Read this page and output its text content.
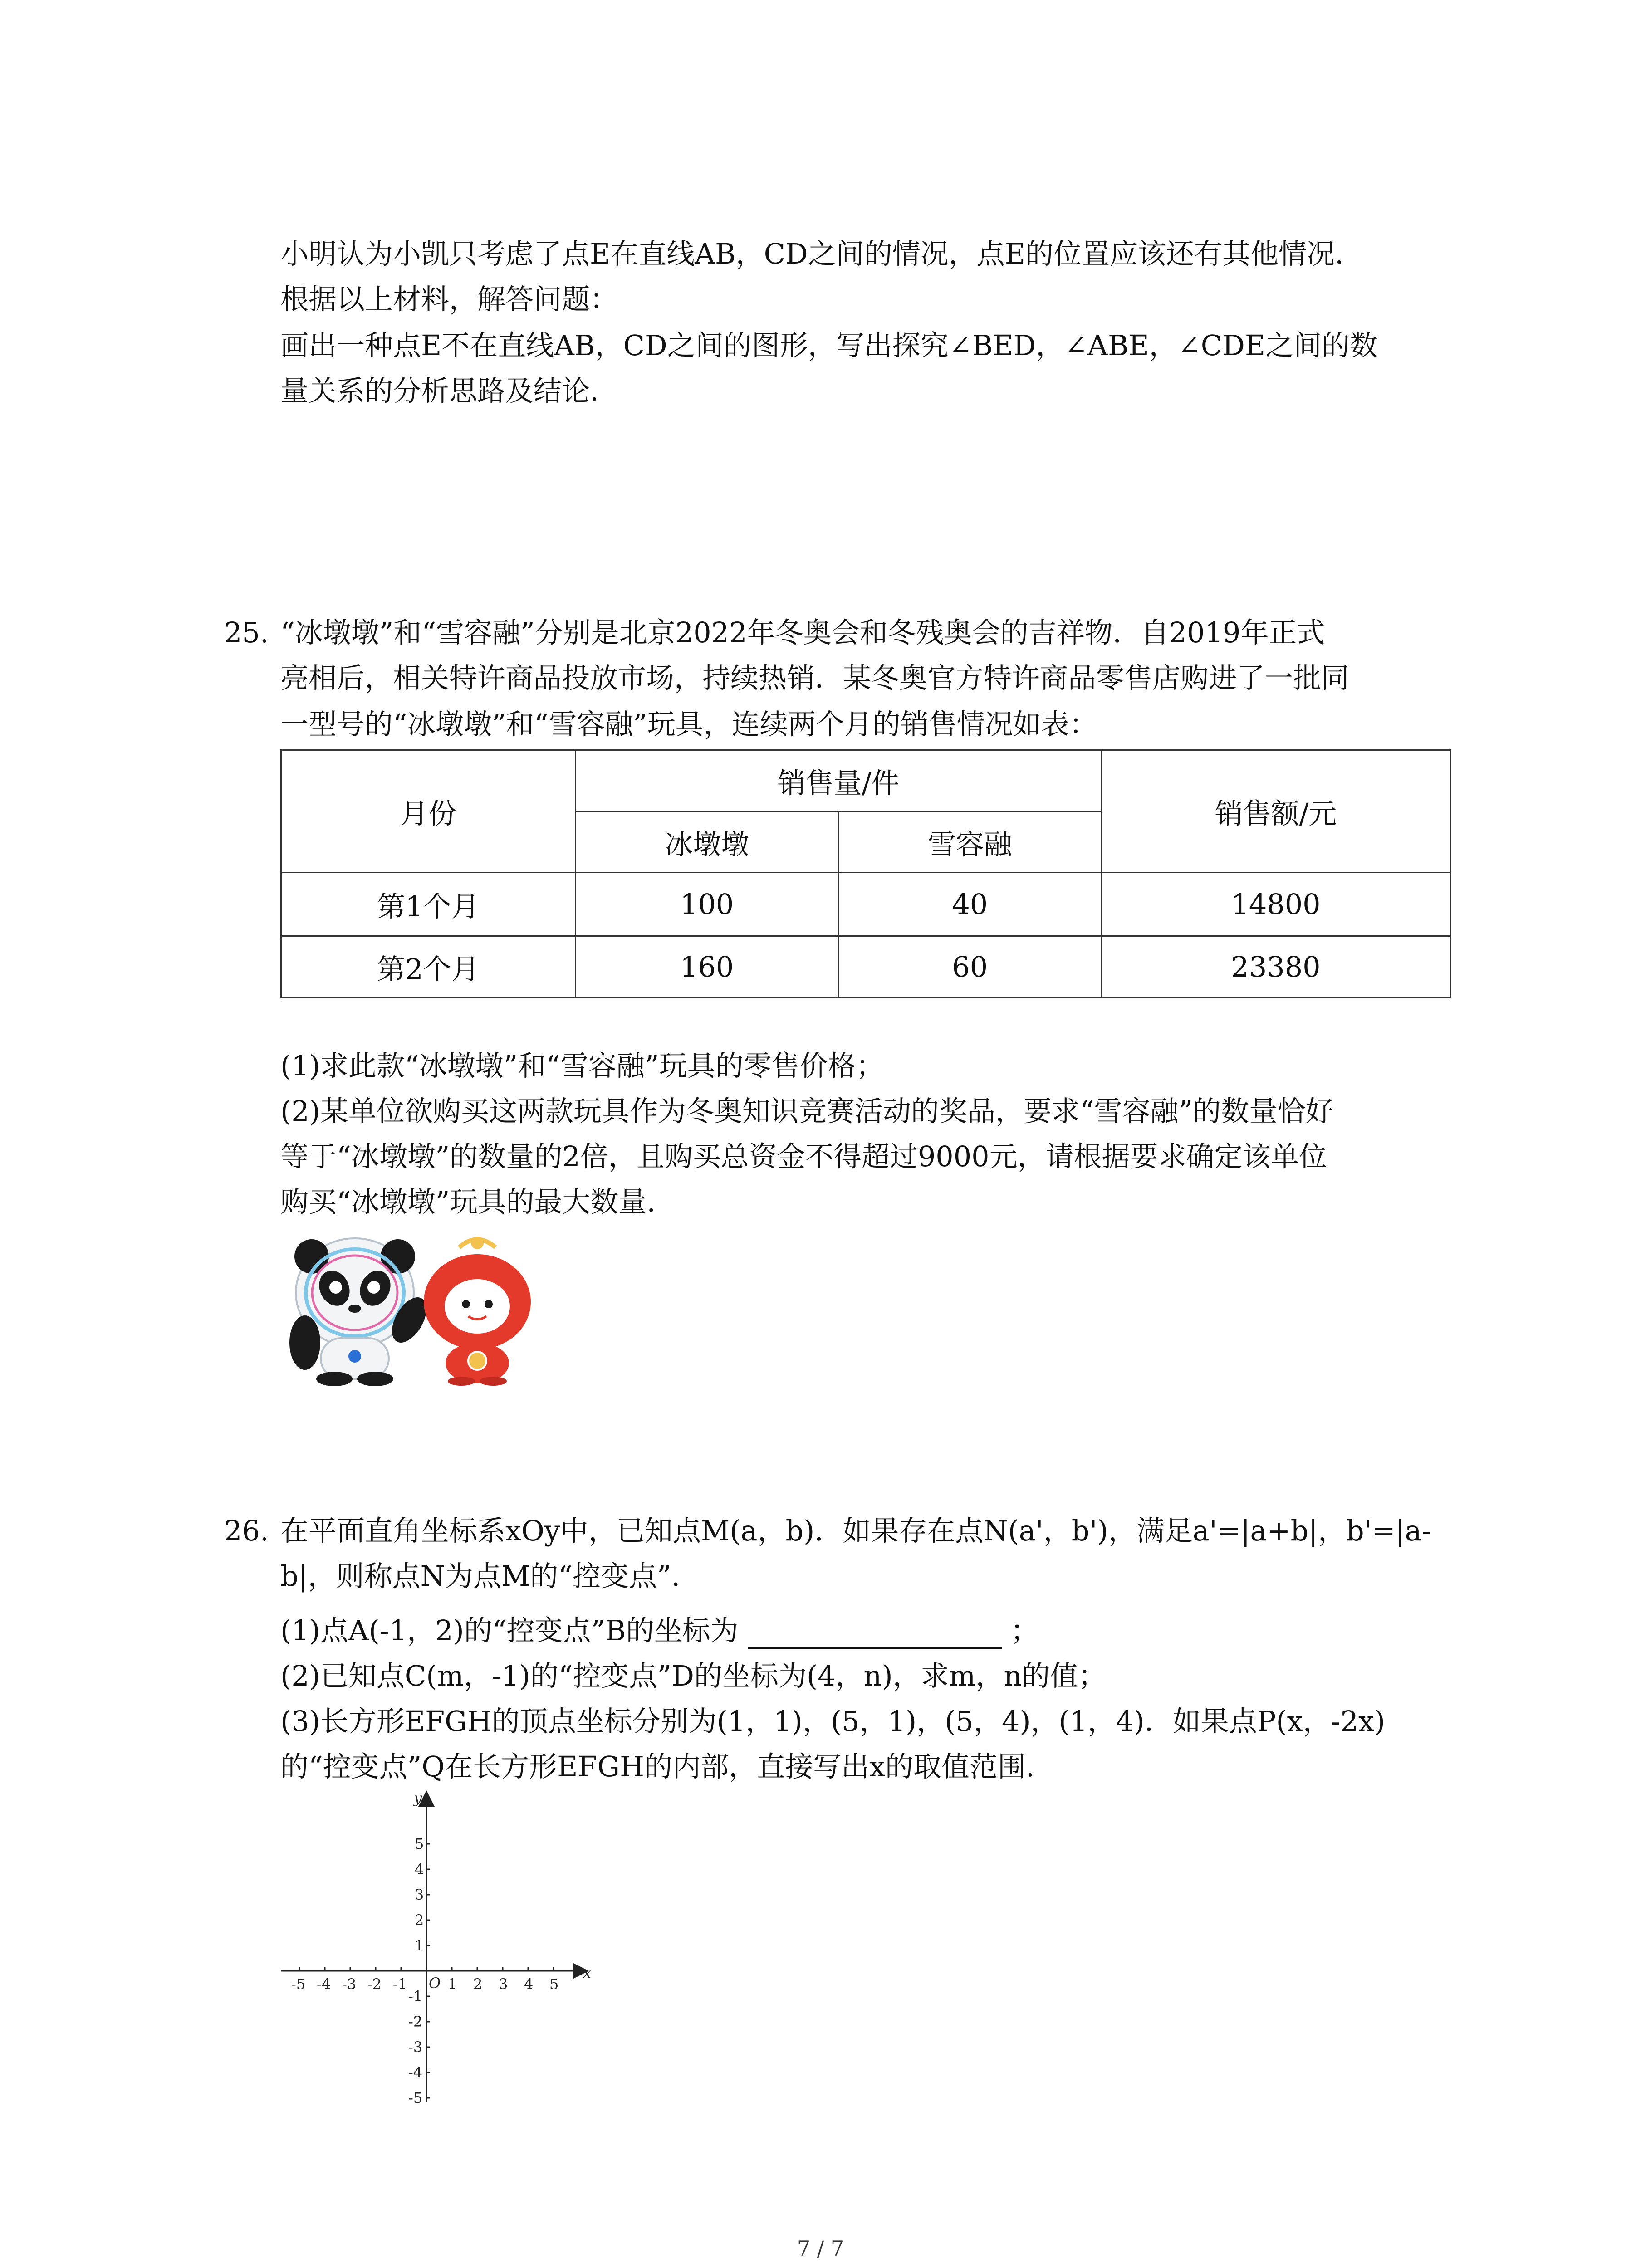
小明认为小凯只考虑了点E在直线AB，CD之间的情况，点E的位置应该还有其他情况.
根据以上材料，解答问题：
画出一种点E不在直线AB，CD之间的图形，写出探究∠BED，∠ABE，∠CDE之间的数
量关系的分析思路及结论.
25. “冰墩墩”和“雪容融”分别是北京2022年冬奥会和冬残奥会的吉祥物．自2019年正式
亮相后，相关特许商品投放市场，持续热销．某冬奥官方特许商品零售店购进了一批同
一型号的“冰墩墩”和“雪容融”玩具，连续两个月的销售情况如表：
月份	销售量/件		销售额/元
	冰墩墩	雪容融	
第1个月	100	40	14800
第2个月	160	60	23380
(1)求此款“冰墩墩”和“雪容融”玩具的零售价格；
(2)某单位欲购买这两款玩具作为冬奥知识竞赛活动的奖品，要求“雪容融”的数量恰好
等于“冰墩墩”的数量的2倍，且购买总资金不得超过9000元，请根据要求确定该单位
购买“冰墩墩”玩具的最大数量.
26. 在平面直角坐标系xOy中，已知点M(a，b)．如果存在点N(a'，b')，满足a'=|a+b|，b'=|a-
b|，则称点N为点M的“控变点”．
(1)点A(-1，2)的“控变点”B的坐标为	；
(2)已知点C(m，-1)的“控变点”D的坐标为(4，n)，求m，n的值；
(3)长方形EFGH的顶点坐标分别为(1，1)，(5，1)，(5，4)，(1，4)．如果点P(x，-2x)
的“控变点”Q在长方形EFGH的内部，直接写出x的取值范围.
-5 -4 -3 -2 -1	1 2 3 4 5
5
4
3
2
1
-1
-2
-3
-4
-5
x
y
O
7 / 7
